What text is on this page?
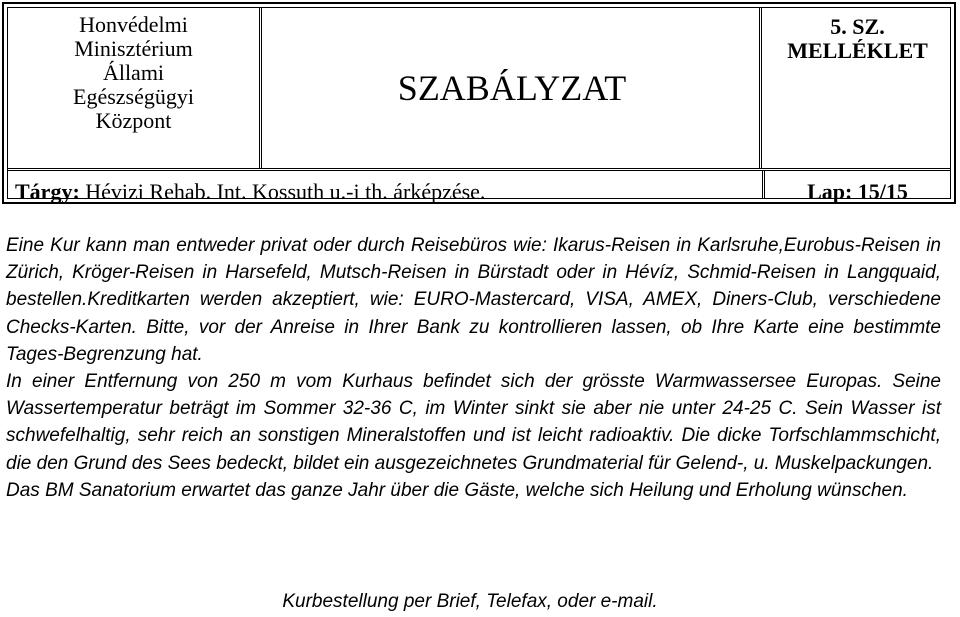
Honvédelmi
Minisztérium
Állami
Egészségügyi
Központ
SZABÁLYZAT
5. SZ.
MELLÉKLET
Tárgy: Hévizi Rehab. Int. Kossuth u.-i th. árképzése.	Lap: 15/15

Eine Kur kann man entweder privat oder durch Reisebüros wie: Ikarus-Reisen in Karlsruhe,Eurobus-Reisen in Zürich, Kröger-Reisen in Harsefeld, Mutsch-Reisen in Bürstadt oder in Hévíz, Schmid-Reisen in Langquaid, bestellen.Kreditkarten werden akzeptiert, wie: EURO-Mastercard, VISA, AMEX, Diners-Club, verschiedene Checks-Karten. Bitte, vor der Anreise in Ihrer Bank zu kontrollieren lassen, ob Ihre Karte eine bestimmte Tages-Begrenzung hat.

In einer Entfernung von 250 m vom Kurhaus befindet sich der grösste Warmwassersee Europas. Seine Wassertemperatur beträgt im Sommer 32-36 C, im Winter sinkt sie aber nie unter 24-25 C. Sein Wasser ist schwefelhaltig, sehr reich an sonstigen Mineralstoffen und ist leicht radioaktiv. Die dicke Torfschlammschicht, die den Grund des Sees bedeckt, bildet ein ausgezeichnetes Grundmaterial für Gelend-, u. Muskelpackungen.

Das BM Sanatorium erwartet das ganze Jahr über die Gäste, welche sich Heilung und Erholung wünschen.

Kurbestellung per Brief, Telefax, oder e-mail.
